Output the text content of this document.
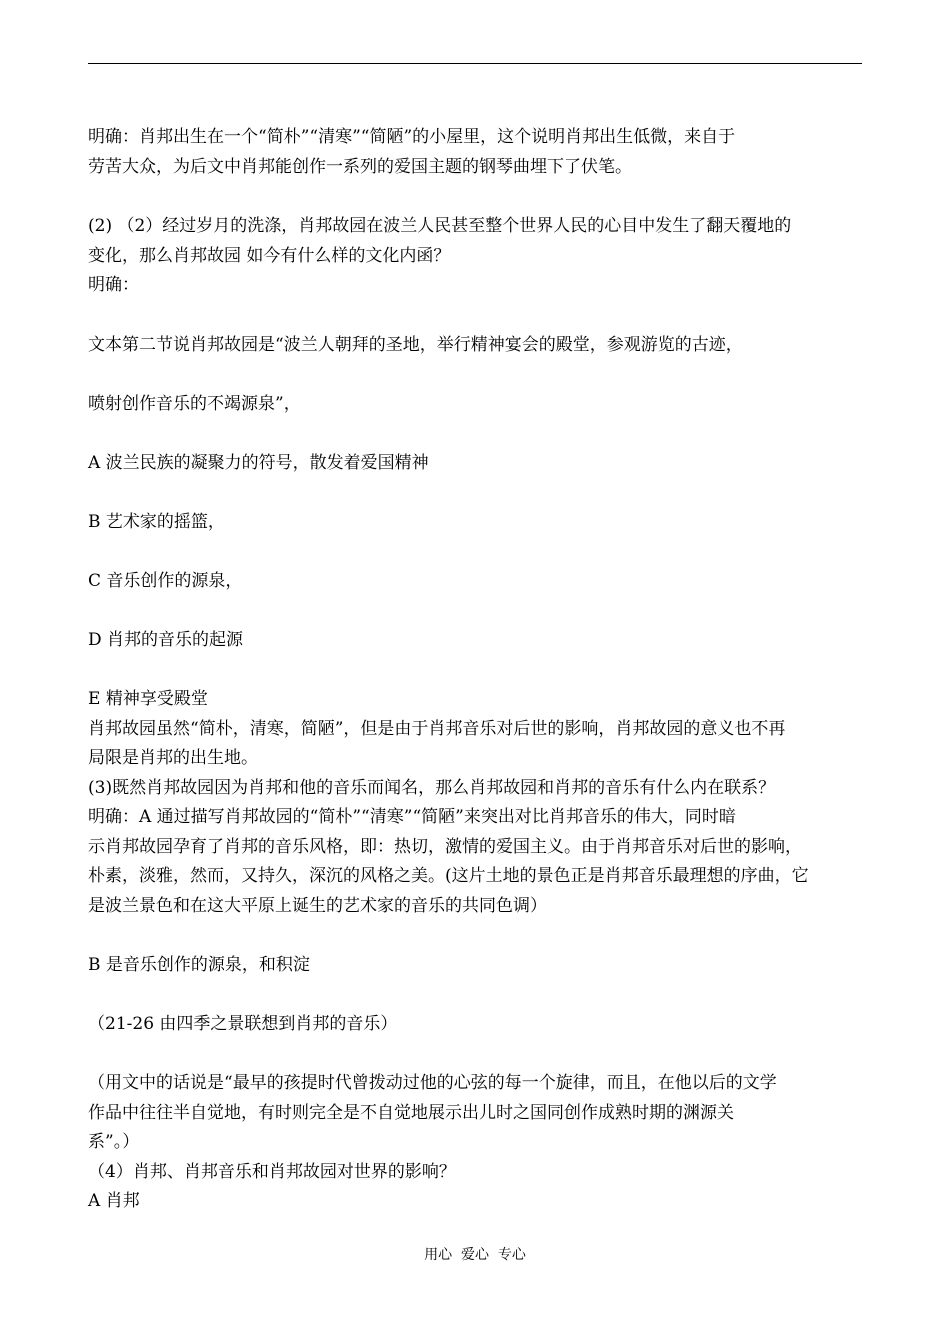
明确：肖邦出生在一个“简朴”“清寒”“简陋”的小屋里，这个说明肖邦出生低微，来自于
劳苦大众，为后文中肖邦能创作一系列的爱国主题的钢琴曲埋下了伏笔。
(2) （2）经过岁月的洗涤，肖邦故园在波兰人民甚至整个世界人民的心目中发生了翻天覆地的
变化，那么肖邦故园 如今有什么样的文化内函？
明确：
文本第二节说肖邦故园是“波兰人朝拜的圣地，举行精神宴会的殿堂，参观游览的古迹，
喷射创作音乐的不竭源泉”，
A 波兰民族的凝聚力的符号，散发着爱国精神
B 艺术家的摇篮，
C 音乐创作的源泉，
D 肖邦的音乐的起源
E 精神享受殿堂
肖邦故园虽然“简朴，清寒，简陋”，但是由于肖邦音乐对后世的影响，肖邦故园的意义也不再
局限是肖邦的出生地。
(3)既然肖邦故园因为肖邦和他的音乐而闻名，那么肖邦故园和肖邦的音乐有什么内在联系？
明确：A 通过描写肖邦故园的“简朴”“清寒”“简陋”来突出对比肖邦音乐的伟大，同时暗
示肖邦故园孕育了肖邦的音乐风格，即：热切，激情的爱国主义。由于肖邦音乐对后世的影响，
朴素，淡雅，然而，又持久，深沉的风格之美。(这片土地的景色正是肖邦音乐最理想的序曲，它
是波兰景色和在这大平原上诞生的艺术家的音乐的共同色调）
B 是音乐创作的源泉，和积淀
（21-26 由四季之景联想到肖邦的音乐）
（用文中的话说是“最早的孩提时代曾拨动过他的心弦的每一个旋律，而且，在他以后的文学
作品中往往半自觉地，有时则完全是不自觉地展示出儿时之国同创作成熟时期的渊源关
系”。）
（4）肖邦、肖邦音乐和肖邦故园对世界的影响？
A 肖邦
用心  爱心  专心
